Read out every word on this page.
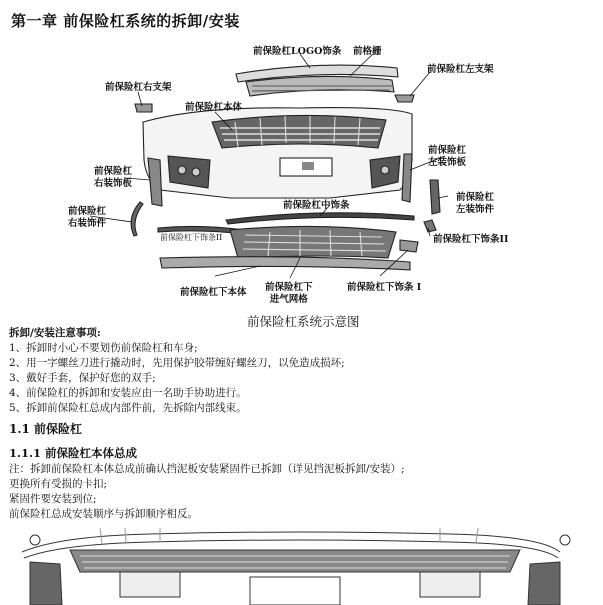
第一章 前保险杠系统的拆卸/安装
前保险杠LOGO饰条 前格栅
前保险杠左支架
前保险杠右支架
前保险杠本体
前保险杠
右装饰板
前保险杠
左装饰板
前保险杠
右装饰件
前保险杠中饰条
前保险杠
左装饰件
前保险杠下饰条II
前保险杠下本体 前保险杠下
进气网格
前保险杠下饰条 I
前保险杠下饰条II
前保险杠系统示意图
拆卸/安装注意事项:
1、拆卸时小心不要划伤前保险杠和车身;
2、用一字螺丝刀进行撬动时，先用保护胶带缠好螺丝刀，以免造成损坏;
3、戴好手套，保护好您的双手;
4、前保险杠的拆卸和安装应由一名助手协助进行。
5、拆卸前保险杠总成内部件前，先拆除内部线束。
1.1 前保险杠
1.1.1 前保险杠本体总成
注：拆卸前保险杠本体总成前确认挡泥板安装紧固件已拆卸（详见挡泥板拆卸/安装）;
更换所有受损的卡扣;
紧固件要安装到位;
前保险杠总成安装顺序与拆卸顺序相反。
